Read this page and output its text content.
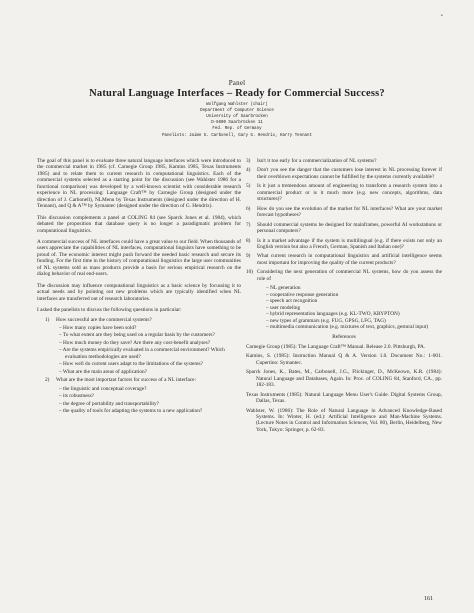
•
Panel
Natural Language Interfaces – Ready for Commercial Success?
Wolfgang Wahlster (chair)
Department of Computer Science
University of Saarbrücken
D-6600 Saarbrücken 11
Fed. Rep. of Germany
Panelists: Jaime G. Carbonell, Gary G. Hendrix, Harry Tennant

The goal of this panel is to evaluate three natural language interfaces which were introduced to the commercial market in 1985 (cf. Carnegie Group 1985, Kamins 1985, Texas Instruments 1985) and to relate them to current research in computational linguistics. Each of the commercial systems selected as a starting point for the discussion (see Wahlster 1986 for a functional comparison) was developed by a well-known scientist with considerable research experience in NL processing: Language Craft™ by Carnegie Group (designed under the direction of J. Carbonell), NLMenu by Texas Instruments (designed under the direction of H. Tennant), and Q & A™ by Symantec (designed under the direction of G. Hendrix).

This discussion complements a panel at COLING 84 (see Sparck Jones et al. 1984), which debated the proposition that database query is no longer a paradigmatic problem for computational linguistics.

A commercial success of NL interfaces could have a great value to our field. When thousands of users appreciate the capabilities of NL interfaces, computational linguists have something to be proud of. The economic interest might push forward the needed basic research and secure its funding. For the first time in the history of computational linguistics the large user communities of NL systems sold as mass products provide a basis for serious empirical research on the dialog behavior of real end-users.

The discussion may influence computational linguistics as a basic science by focussing it to actual needs and by pointing out new problems which are typically identified when NL interfaces are transferred out of research laboratories.

I asked the panelists to discuss the following questions in particular:

1)	How successful are the commercial systems?
– How many copies have been sold?
– To what extent are they being used on a regular basis by the customers?
– How much money do they save? Are there any cost-benefit analyses?
– Are the systems empirically evaluated in a commercial environment? Which evaluation methodologies are used?
– How well do current users adapt to the limitations of the systems?
– What are the main areas of application?
2)	What are the most important factors for success of a NL interface:
– the linguistic and conceptual coverage?
– its robustness?
– the degree of portability and transportability?
– the quality of tools for adapting the systems to a new application?
3)	Isn't it too early for a commercialization of NL systems?
4)	Don't you see the danger that the customers lose interest in NL processing forever if their overblown expectations cannot be fulfilled by the systems currently available?
5)	Is it just a tremendous amount of engineering to transform a research system into a commercial product or is it much more (e.g. new concepts, algorithms, data structures)?
6)	How do you see the evolution of the market for NL interfaces? What are your market forecast hypotheses?
7)	Should commercial systems be designed for mainframes, powerful AI workstations or personal computers?
8)	Is it a market advantage if the system is multilingual (e.g. if there exists not only an English version but also a French, German, Spanish and Italian one)?
9)	What current research in computational linguistics and artificial intelligence seems most important for improving the quality of the current products?
10) Considering the next generation of commercial NL systems, how do you assess the role of
– NL generation
– cooperative response generation
– speech act recognition
– user modeling
– hybrid representation languages (e.g. KL-TWO, KRYPTON)
– new types of grammars (e.g. FUG, GPSG, LFG, TAG)
– multimedia communication (e.g. mixtures of text, graphics, gestural input)
References
Carnegie Group (1985): The Language Craft™ Manual. Release 2.0. Pittsburgh, PA.
Kamins, S. (1985): Instruction Manual Q & A. Version 1.0. Document No.: 1-001. Cupertino: Symantec.
Sparck Jones, K., Bates, M., Carbonell, J.G., Flickinger, D., McKeown, K.R. (1984): Natural Language and Databases, Again. In: Proc. of COLING 84, Stanford, CA., pp. 182-183.
Texas Instruments (1985): Natural Language Menu User's Guide. Digital Systems Group, Dallas, Texas.
Wahlster, W. (1986): The Role of Natural Language in Advanced Knowledge-Based Systems. In: Winter, H. (ed.): Artificial Intelligence and Man-Machine Systems. (Lecture Notes in Control and Information Sciences, Vol. 80), Berlin, Heidelberg, New York, Tokyo: Springer, p. 62-83.
161
